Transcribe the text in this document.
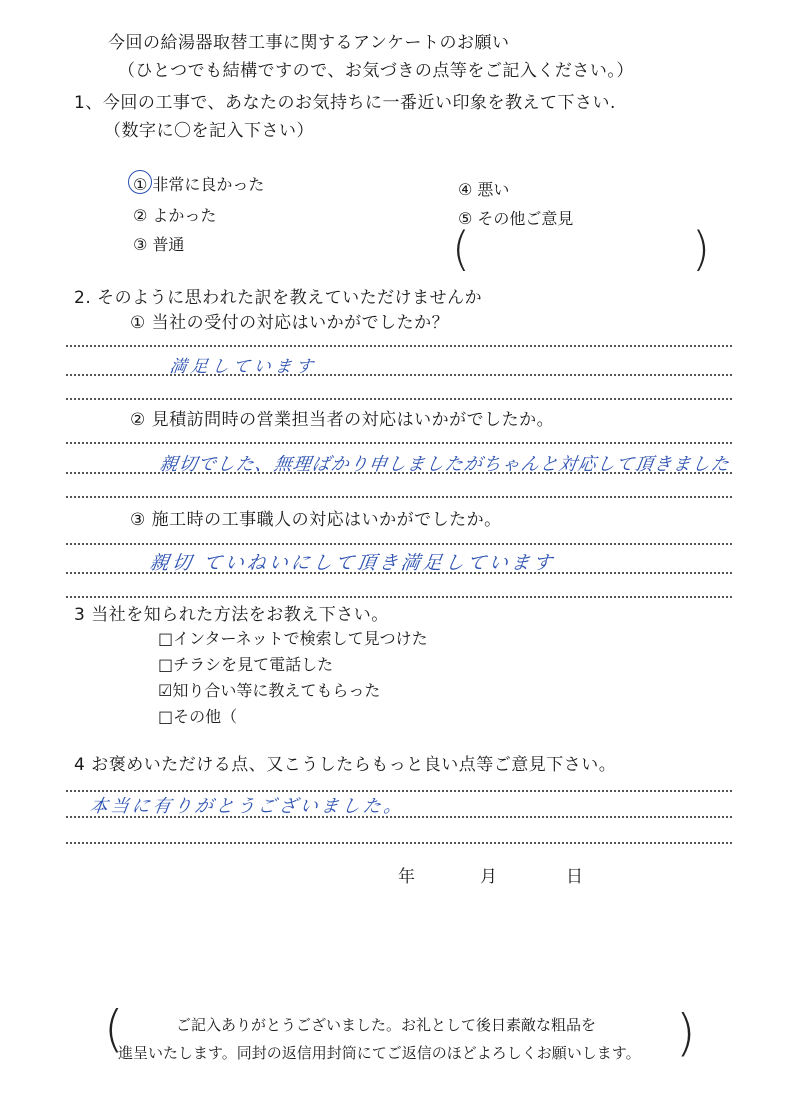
今回の給湯器取替工事に関するアンケートのお願い
（ひとつでも結構ですので、お気づきの点等をご記入ください。）
1、今回の工事で、あなたのお気持ちに一番近い印象を教えて下さい.
（数字に〇を記入下さい）
① 非常に良かった
② よかった
③ 普通
④ 悪い
⑤ その他ご意見
(	)
2. そのように思われた訳を教えていただけませんか
① 当社の受付の対応はいかがでしたか？
満足しています
② 見積訪問時の営業担当者の対応はいかがでしたか。
親切でした、無理ばかり申しましたがちゃんと対応して頂きました
③ 施工時の工事職人の対応はいかがでしたか。
親切 ていねいにして頂き満足しています
3 当社を知られた方法をお教え下さい。
□インターネットで検索して見つけた
□チラシを見て電話した
☑知り合い等に教えてもらった
□その他（
4 お褒めいただける点、又こうしたらもっと良い点等ご意見下さい。
本当に有りがとうございました。
年	月	日
(	ご記入ありがとうございました。お礼として後日素敵な粗品を
進呈いたします。同封の返信用封筒にてご返信のほどよろしくお願いします。 )
